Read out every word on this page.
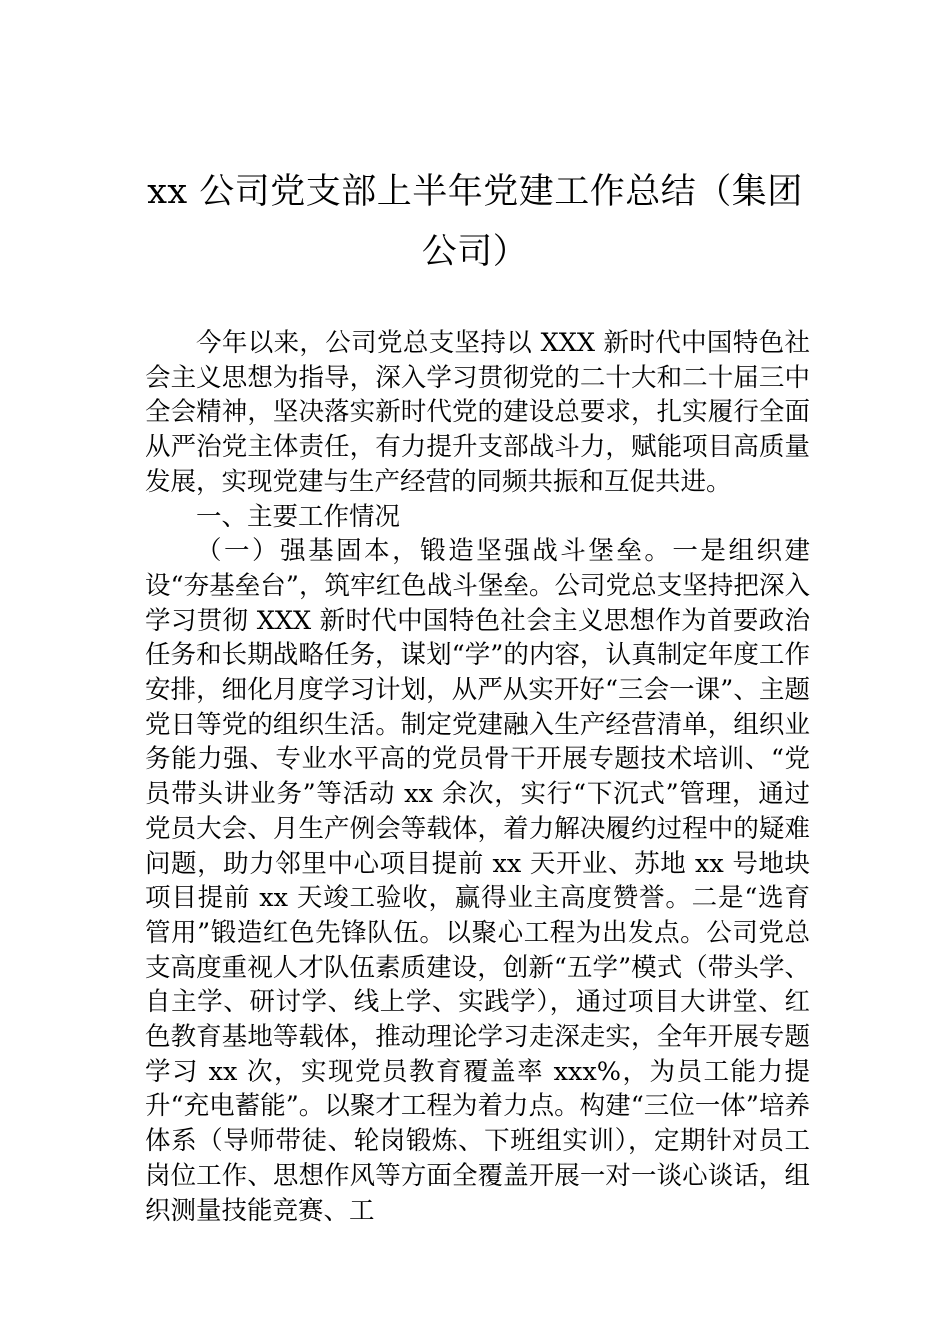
xx 公司党支部上半年党建工作总结（集团
公司）

今年以来，公司党总支坚持以 XXX 新时代中国特色社会主义思想为指导，深入学习贯彻党的二十大和二十届三中全会精神，坚决落实新时代党的建设总要求，扎实履行全面从严治党主体责任，有力提升支部战斗力，赋能项目高质量发展，实现党建与生产经营的同频共振和互促共进。

一、主要工作情况

（一）强基固本，锻造坚强战斗堡垒。一是组织建设“夯基垒台”，筑牢红色战斗堡垒。公司党总支坚持把深入学习贯彻 XXX 新时代中国特色社会主义思想作为首要政治任务和长期战略任务，谋划“学”的内容，认真制定年度工作安排，细化月度学习计划，从严从实开好“三会一课”、主题党日等党的组织生活。制定党建融入生产经营清单，组织业务能力强、专业水平高的党员骨干开展专题技术培训、“党员带头讲业务”等活动 xx 余次，实行“下沉式”管理，通过党员大会、月生产例会等载体，着力解决履约过程中的疑难问题，助力邻里中心项目提前 xx 天开业、苏地 xx 号地块项目提前 xx 天竣工验收，赢得业主高度赞誉。二是“选育管用”锻造红色先锋队伍。以聚心工程为出发点。公司党总支高度重视人才队伍素质建设，创新“五学”模式（带头学、自主学、研讨学、线上学、实践学），通过项目大讲堂、红色教育基地等载体，推动理论学习走深走实，全年开展专题学习 xx 次，实现党员教育覆盖率 xxx%，为员工能力提升“充电蓄能”。以聚才工程为着力点。构建“三位一体”培养体系（导师带徒、轮岗锻炼、下班组实训），定期针对员工岗位工作、思想作风等方面全覆盖开展一对一谈心谈话，组织测量技能竞赛、工
